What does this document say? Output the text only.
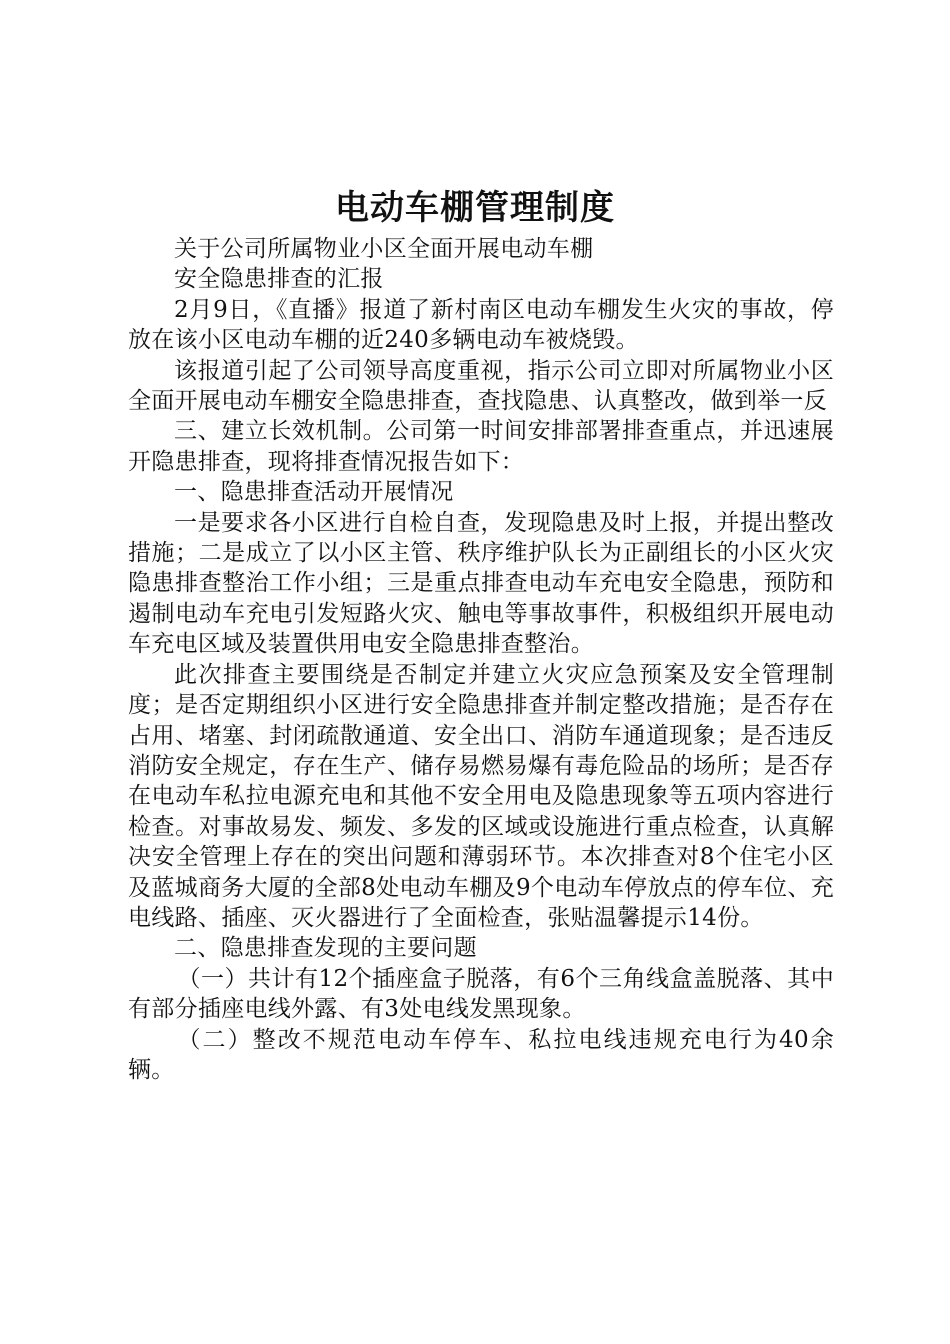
电动车棚管理制度

关于公司所属物业小区全面开展电动车棚

安全隐患排查的汇报

2月9日，《直播》报道了新村南区电动车棚发生火灾的事故，停放在该小区电动车棚的近240多辆电动车被烧毁。

该报道引起了公司领导高度重视，指示公司立即对所属物业小区全面开展电动车棚安全隐患排查，查找隐患、认真整改，做到举一反

三、建立长效机制。公司第一时间安排部署排查重点，并迅速展开隐患排查，现将排查情况报告如下：

一、隐患排查活动开展情况

一是要求各小区进行自检自查，发现隐患及时上报，并提出整改措施；二是成立了以小区主管、秩序维护队长为正副组长的小区火灾隐患排查整治工作小组；三是重点排查电动车充电安全隐患，预防和遏制电动车充电引发短路火灾、触电等事故事件，积极组织开展电动车充电区域及装置供用电安全隐患排查整治。

此次排查主要围绕是否制定并建立火灾应急预案及安全管理制度；是否定期组织小区进行安全隐患排查并制定整改措施；是否存在占用、堵塞、封闭疏散通道、安全出口、消防车通道现象；是否违反消防安全规定，存在生产、储存易燃易爆有毒危险品的场所；是否存在电动车私拉电源充电和其他不安全用电及隐患现象等五项内容进行检查。对事故易发、频发、多发的区域或设施进行重点检查，认真解决安全管理上存在的突出问题和薄弱环节。本次排查对8个住宅小区及蓝城商务大厦的全部8处电动车棚及9个电动车停放点的停车位、充电线路、插座、灭火器进行了全面检查，张贴温馨提示14份。

二、隐患排查发现的主要问题

（一）共计有12个插座盒子脱落，有6个三角线盒盖脱落、其中有部分插座电线外露、有3处电线发黑现象。

（二）整改不规范电动车停车、私拉电线违规充电行为40余辆。
